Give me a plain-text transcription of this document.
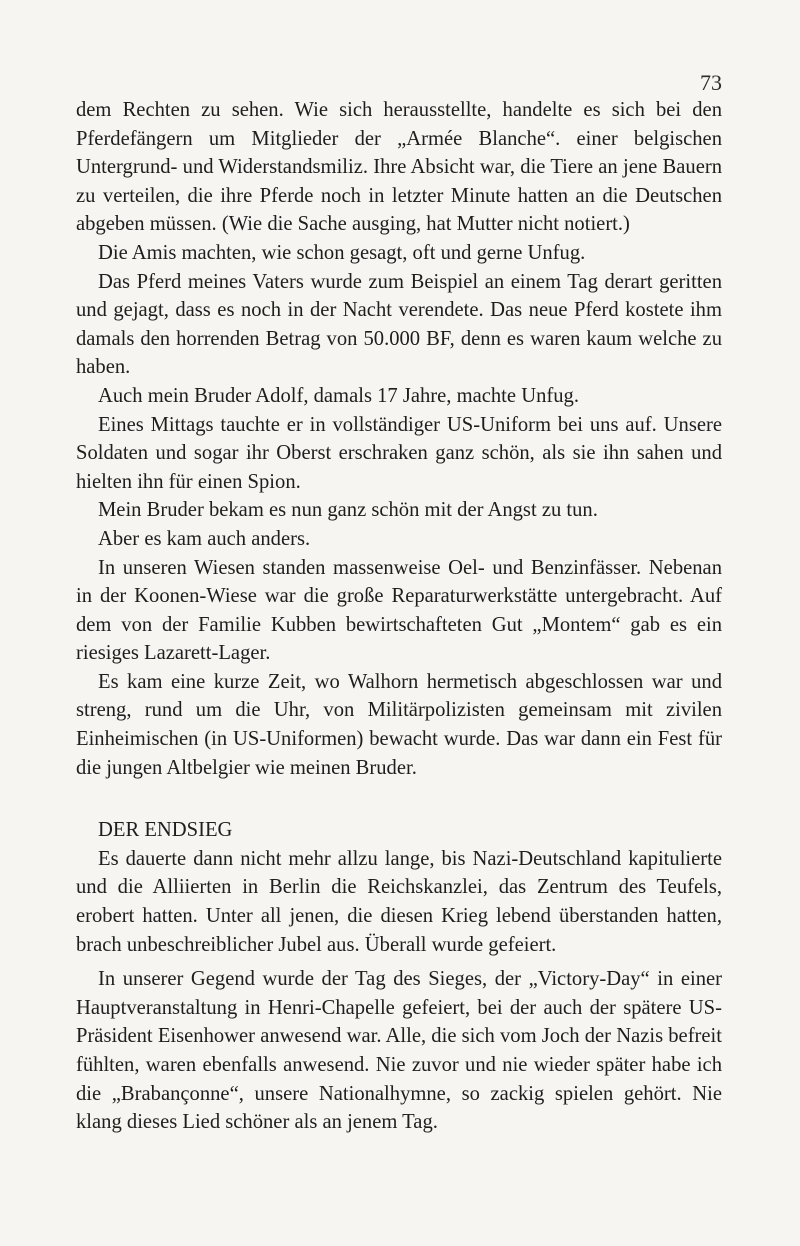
73

dem Rechten zu sehen. Wie sich herausstellte, handelte es sich bei den Pferdefängern um Mitglieder der „Armée Blanche“. einer belgischen Untergrund- und Widerstandsmiliz. Ihre Absicht war, die Tiere an jene Bauern zu verteilen, die ihre Pferde noch in letzter Minute hatten an die Deutschen abgeben müssen. (Wie die Sache ausging, hat Mutter nicht notiert.)

Die Amis machten, wie schon gesagt, oft und gerne Unfug.

Das Pferd meines Vaters wurde zum Beispiel an einem Tag derart geritten und gejagt, dass es noch in der Nacht verendete. Das neue Pferd kostete ihm damals den horrenden Betrag von 50.000 BF, denn es waren kaum welche zu haben.

Auch mein Bruder Adolf, damals 17 Jahre, machte Unfug.

Eines Mittags tauchte er in vollständiger US-Uniform bei uns auf. Unsere Soldaten und sogar ihr Oberst erschraken ganz schön, als sie ihn sahen und hielten ihn für einen Spion.

Mein Bruder bekam es nun ganz schön mit der Angst zu tun.

Aber es kam auch anders.

In unseren Wiesen standen massenweise Oel- und Benzinfässer. Nebenan in der Koonen-Wiese war die große Reparaturwerkstätte untergebracht. Auf dem von der Familie Kubben bewirtschafteten Gut „Montem“ gab es ein riesiges Lazarett-Lager.

Es kam eine kurze Zeit, wo Walhorn hermetisch abgeschlossen war und streng, rund um die Uhr, von Militärpolizisten gemeinsam mit zivilen Einheimischen (in US-Uniformen) bewacht wurde. Das war dann ein Fest für die jungen Altbelgier wie meinen Bruder.

DER ENDSIEG

Es dauerte dann nicht mehr allzu lange, bis Nazi-Deutschland kapitulierte und die Alliierten in Berlin die Reichskanzlei, das Zentrum des Teufels, erobert hatten. Unter all jenen, die diesen Krieg lebend überstanden hatten, brach unbeschreiblicher Jubel aus. Überall wurde gefeiert.

In unserer Gegend wurde der Tag des Sieges, der „Victory-Day“ in einer Hauptveranstaltung in Henri-Chapelle gefeiert, bei der auch der spätere US-Präsident Eisenhower anwesend war. Alle, die sich vom Joch der Nazis befreit fühlten, waren ebenfalls anwesend. Nie zuvor und nie wieder später habe ich die „Brabançonne“, unsere Nationalhymne, so zackig spielen gehört. Nie klang dieses Lied schöner als an jenem Tag.
